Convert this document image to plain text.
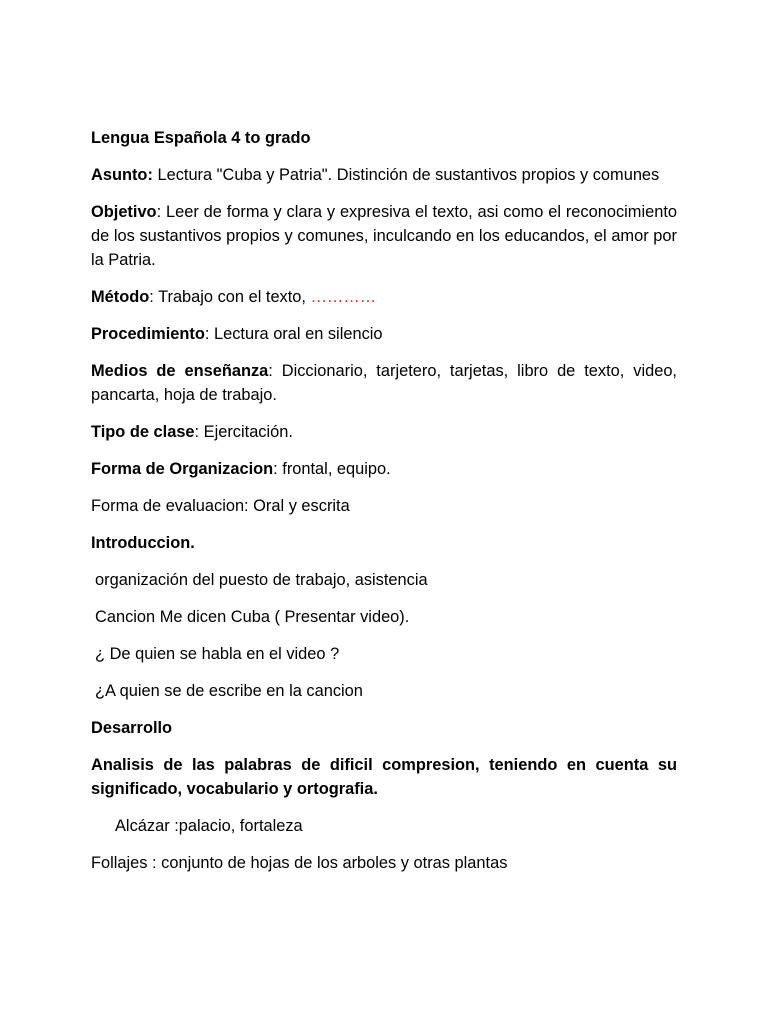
Lengua Española 4 to grado

Asunto: Lectura "Cuba y Patria". Distinción de sustantivos propios y comunes

Objetivo: Leer de forma y clara y expresiva el texto, asi como el reconocimiento de los sustantivos propios y comunes, inculcando en los educandos, el amor por la Patria.

Método: Trabajo con el texto, …………

Procedimiento: Lectura oral en silencio

Medios de enseñanza: Diccionario, tarjetero, tarjetas, libro de texto, video, pancarta, hoja de trabajo.

Tipo de clase: Ejercitación.

Forma de Organizacion: frontal, equipo.

Forma de evaluacion: Oral y escrita

Introduccion.

organización del puesto de trabajo, asistencia

Cancion Me dicen Cuba ( Presentar video).

¿ De quien se habla en el video ?

¿A quien se de escribe en la cancion

Desarrollo

Analisis de las palabras de dificil compresion, teniendo en cuenta su significado, vocabulario y ortografia.

Alcázar :palacio, fortaleza

Follajes : conjunto de hojas de los arboles y otras plantas
